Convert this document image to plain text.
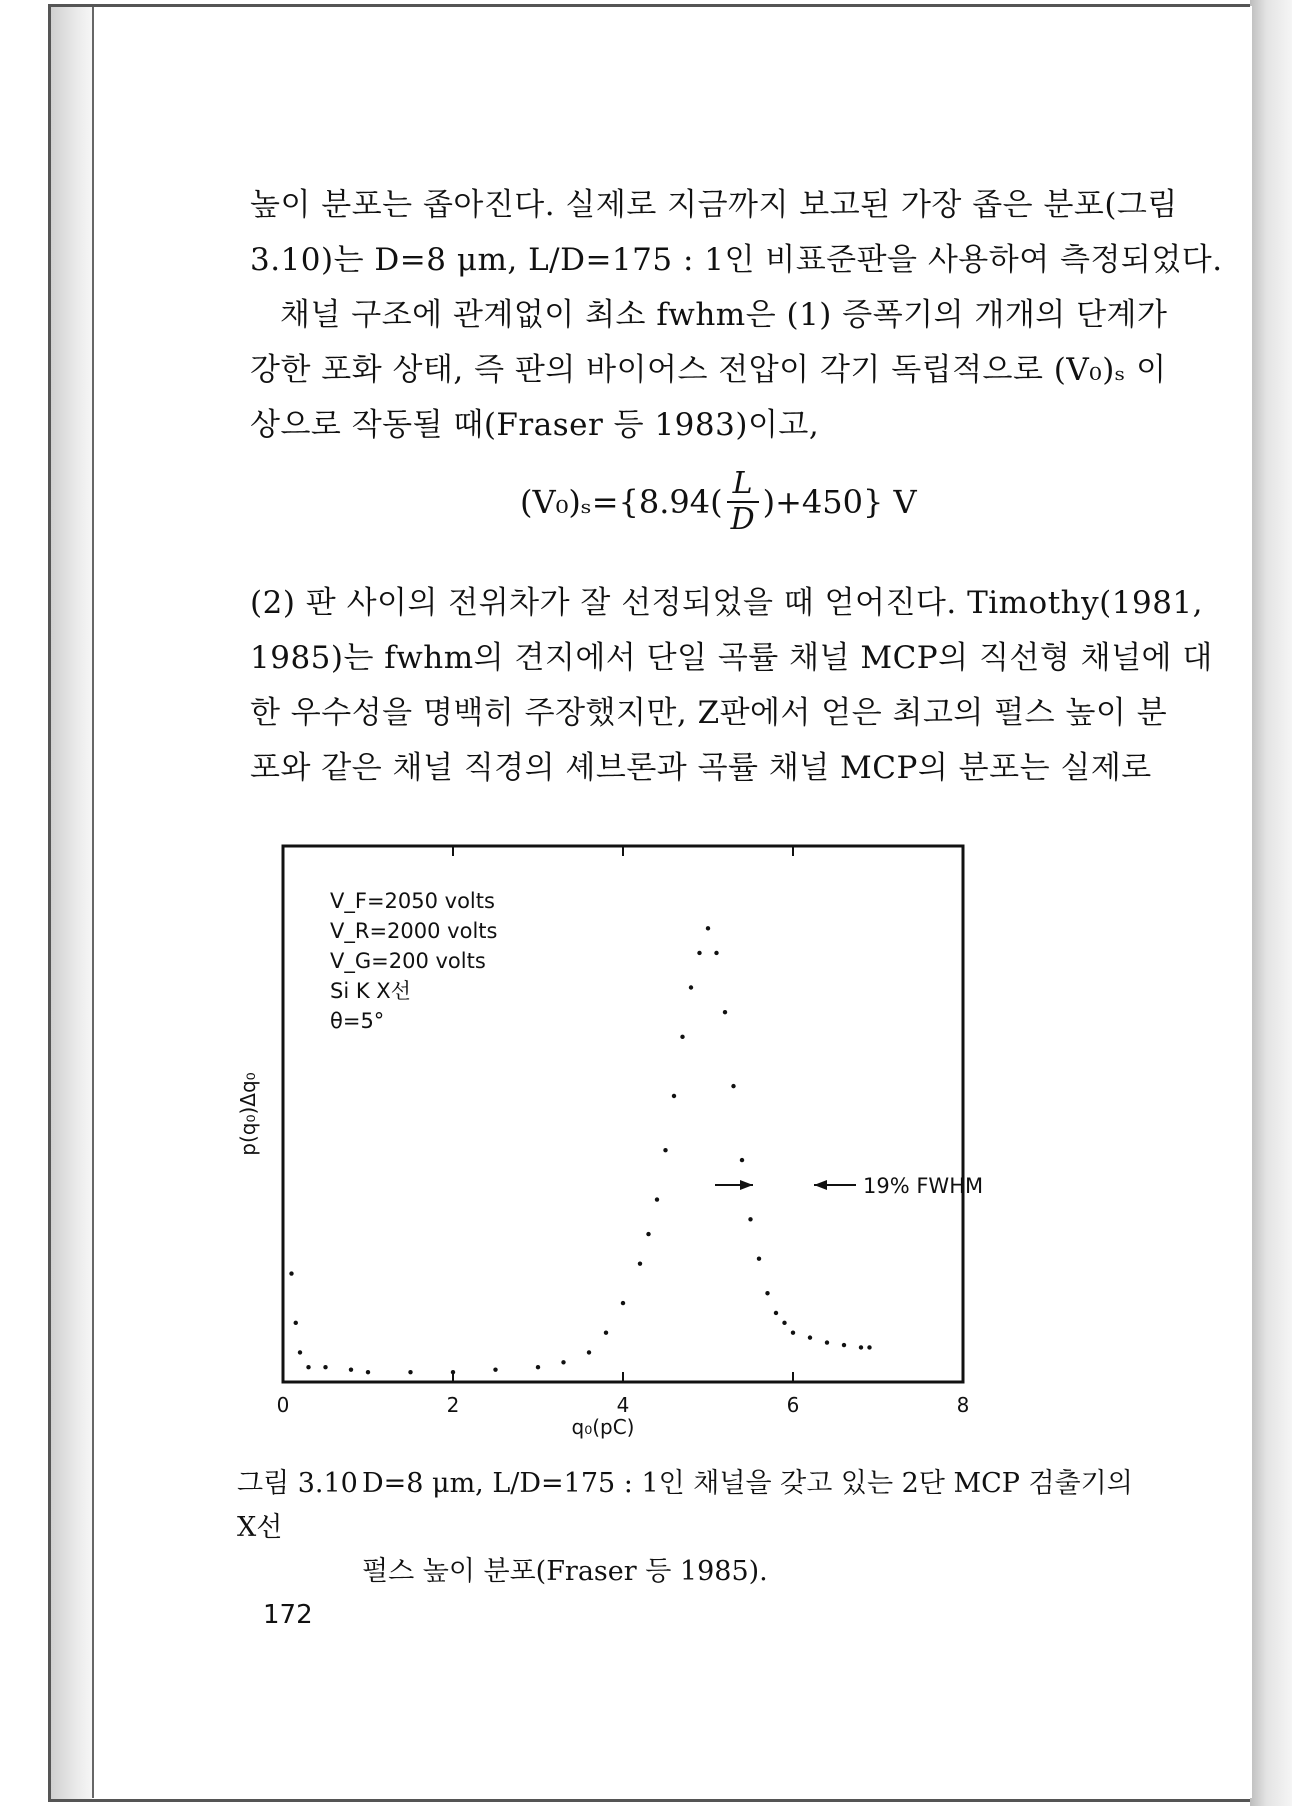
높이 분포는 좁아진다. 실제로 지금까지 보고된 가장 좁은 분포(그림
3.10)는 D=8 μm, L/D=175 : 1인 비표준판을 사용하여 측정되었다.
채널 구조에 관계없이 최소 fwhm은 (1) 증폭기의 개개의 단계가
강한 포화 상태, 즉 판의 바이어스 전압이 각기 독립적으로 (V₀)ₛ 이
상으로 작동될 때(Fraser 등 1983)이고,
$(V_0)_s=\{8.94( \frac{L}{D} )+450\}$ V
(2) 판 사이의 전위차가 잘 선정되었을 때 얻어진다. Timothy(1981,
1985)는 fwhm의 견지에서 단일 곡률 채널 MCP의 직선형 채널에 대
한 우수성을 명백히 주장했지만, Z판에서 얻은 최고의 펄스 높이 분
포와 같은 채널 직경의 셰브론과 곡률 채널 MCP의 분포는 실제로
0	2	4	6	8
V_F=2050 volts
V_R=2000 volts
V_G=200 volts
Si K X선
θ=5°
19% FWHM
q₀(pC)
p(q₀)Δq₀
그림 3.10 D=8 μm, L/D=175 : 1인 채널을 갖고 있는 2단 MCP 검출기의 X선
펄스 높이 분포(Fraser 등 1985).
172
